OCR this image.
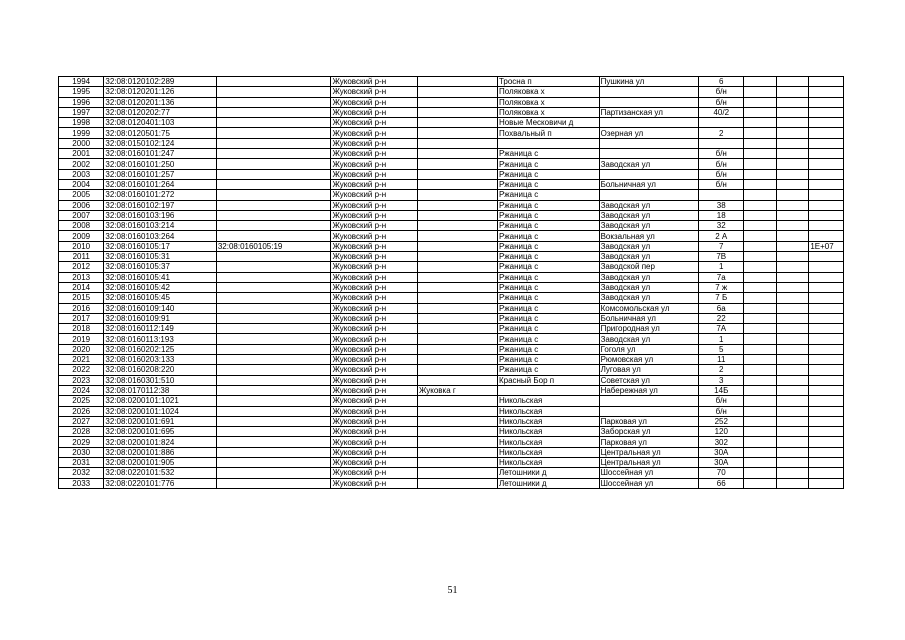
1994	32:08:0120102:289		Жуковский р-н		Тросна п	Пушкина ул	6			
1995	32:08:0120201:126		Жуковский р-н		Поляковка х		б/н			
1996	32:08:0120201:136		Жуковский р-н		Поляковка х		б/н			
1997	32:08:0120202:77		Жуковский р-н		Поляковка х	Партизанская ул	40/2			
1998	32:08:0120401:103		Жуковский р-н		Новые Месковичи д					
1999	32:08:0120501:75		Жуковский р-н		Похвальный п	Озерная ул	2			
2000	32:08:0150102:124		Жуковский р-н							
2001	32:08:0160101:247		Жуковский р-н		Ржаница с		б/н			
2002	32:08:0160101:250		Жуковский р-н		Ржаница с	Заводская ул	б/н			
2003	32:08:0160101:257		Жуковский р-н		Ржаница с		б/н			
2004	32:08:0160101:264		Жуковский р-н		Ржаница с	Больничная ул	б/н			
2005	32:08:0160101:272		Жуковский р-н		Ржаница с					
2006	32:08:0160102:197		Жуковский р-н		Ржаница с	Заводская ул	38			
2007	32:08:0160103:196		Жуковский р-н		Ржаница с	Заводская ул	18			
2008	32:08:0160103:214		Жуковский р-н		Ржаница с	Заводская ул	32			
2009	32:08:0160103:264		Жуковский р-н		Ржаница с	Вокзальная ул	2 А			
2010	32:08:0160105:17	32:08:0160105:19	Жуковский р-н		Ржаница с	Заводская ул	7			1E+07
2011	32:08:0160105:31		Жуковский р-н		Ржаница с	Заводская ул	7В			
2012	32:08:0160105:37		Жуковский р-н		Ржаница с	Заводской пер	1			
2013	32:08:0160105:41		Жуковский р-н		Ржаница с	Заводская ул	7а			
2014	32:08:0160105:42		Жуковский р-н		Ржаница с	Заводская ул	7 ж			
2015	32:08:0160105:45		Жуковский р-н		Ржаница с	Заводская ул	7 Б			
2016	32:08:0160109:140		Жуковский р-н		Ржаница с	Комсомольская ул	6а			
2017	32:08:0160109:91		Жуковский р-н		Ржаница с	Больничная ул	22			
2018	32:08:0160112:149		Жуковский р-н		Ржаница с	Пригородная ул	7А			
2019	32:08:0160113:193		Жуковский р-н		Ржаница с	Заводская ул	1			
2020	32:08:0160202:125		Жуковский р-н		Ржаница с	Гоголя ул	5			
2021	32:08:0160203:133		Жуковский р-н		Ржаница с	Рюмовская ул	11			
2022	32:08:0160208:220		Жуковский р-н		Ржаница с	Луговая ул	2			
2023	32:08:0160301:510		Жуковский р-н		Красный Бор п	Советская ул	3			
2024	32:08:0170112:38		Жуковский р-н	Жуковка г		Набережная ул	14Б			
2025	32:08:0200101:1021		Жуковский р-н		Никольская		б/н			
2026	32:08:0200101:1024		Жуковский р-н		Никольская		б/н			
2027	32:08:0200101:691		Жуковский р-н		Никольская	Парковая ул	252			
2028	32:08:0200101:695		Жуковский р-н		Никольская	Заборская ул	120			
2029	32:08:0200101:824		Жуковский р-н		Никольская	Парковая ул	302			
2030	32:08:0200101:886		Жуковский р-н		Никольская	Центральная ул	30А			
2031	32:08:0200101:905		Жуковский р-н		Никольская	Центральная ул	30А			
2032	32:08:0220101:532		Жуковский р-н		Летошники д	Шоссейная ул	70			
2033	32:08:0220101:776		Жуковский р-н		Летошники д	Шоссейная ул	66			
51
